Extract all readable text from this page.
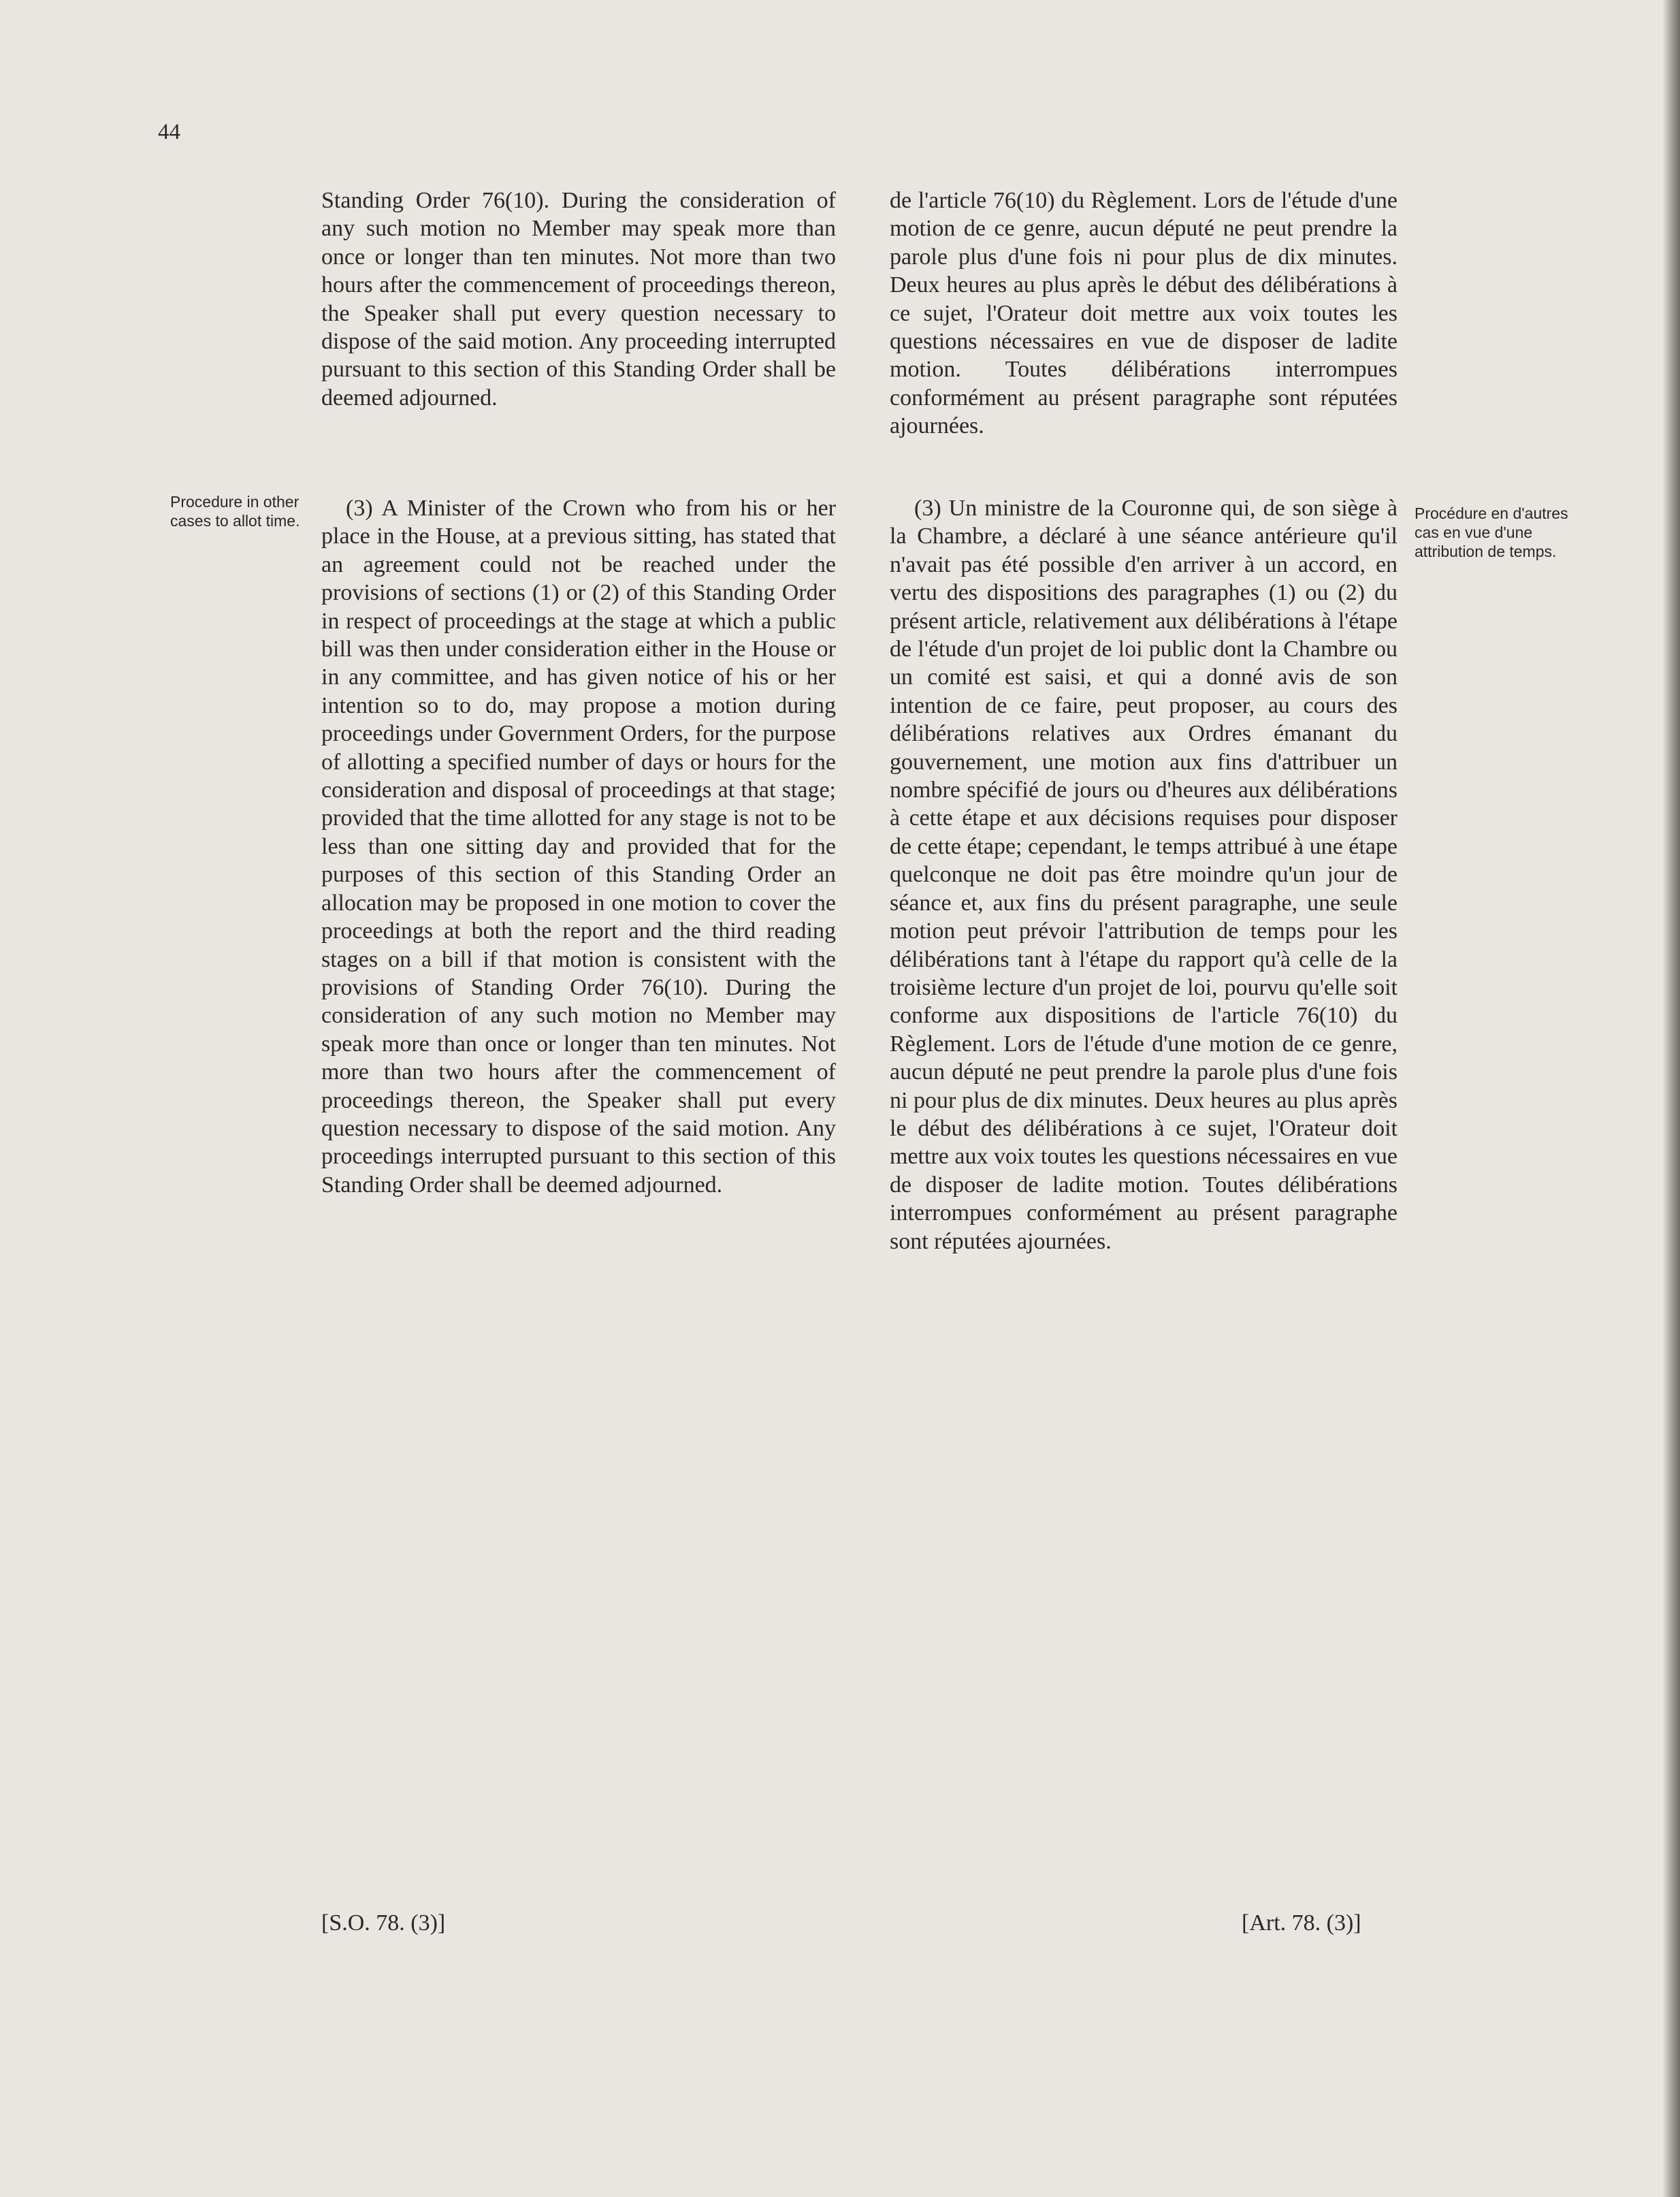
44
Procedure in other cases to allot time.

Standing Order 76(10). During the consideration of any such motion no Member may speak more than once or longer than ten minutes. Not more than two hours after the commencement of proceedings thereon, the Speaker shall put every question necessary to dispose of the said motion. Any proceeding interrupted pursuant to this section of this Standing Order shall be deemed adjourned.

(3) A Minister of the Crown who from his or her place in the House, at a previous sitting, has stated that an agreement could not be reached under the provisions of sections (1) or (2) of this Standing Order in respect of proceedings at the stage at which a public bill was then under consideration either in the House or in any committee, and has given notice of his or her intention so to do, may propose a motion during proceedings under Government Orders, for the purpose of allotting a specified number of days or hours for the consideration and disposal of proceedings at that stage; provided that the time allotted for any stage is not to be less than one sitting day and provided that for the purposes of this section of this Standing Order an allocation may be proposed in one motion to cover the proceedings at both the report and the third reading stages on a bill if that motion is consistent with the provisions of Standing Order 76(10). During the consideration of any such motion no Member may speak more than once or longer than ten minutes. Not more than two hours after the commencement of proceedings thereon, the Speaker shall put every question necessary to dispose of the said motion. Any proceedings interrupted pursuant to this section of this Standing Order shall be deemed adjourned.

de l'article 76(10) du Règlement. Lors de l'étude d'une motion de ce genre, aucun député ne peut prendre la parole plus d'une fois ni pour plus de dix minutes. Deux heures au plus après le début des délibérations à ce sujet, l'Orateur doit mettre aux voix toutes les questions nécessaires en vue de disposer de ladite motion. Toutes délibérations interrompues conformément au présent paragraphe sont réputées ajournées.

(3) Un ministre de la Couronne qui, de son siège à la Chambre, a déclaré à une séance antérieure qu'il n'avait pas été possible d'en arriver à un accord, en vertu des dispositions des paragraphes (1) ou (2) du présent article, relativement aux délibérations à l'étape de l'étude d'un projet de loi public dont la Chambre ou un comité est saisi, et qui a donné avis de son intention de ce faire, peut proposer, au cours des délibérations relatives aux Ordres émanant du gouvernement, une motion aux fins d'attribuer un nombre spécifié de jours ou d'heures aux délibérations à cette étape et aux décisions requises pour disposer de cette étape; cependant, le temps attribué à une étape quelconque ne doit pas être moindre qu'un jour de séance et, aux fins du présent paragraphe, une seule motion peut prévoir l'attribution de temps pour les délibérations tant à l'étape du rapport qu'à celle de la troisième lecture d'un projet de loi, pourvu qu'elle soit conforme aux dispositions de l'article 76(10) du Règlement. Lors de l'étude d'une motion de ce genre, aucun député ne peut prendre la parole plus d'une fois ni pour plus de dix minutes. Deux heures au plus après le début des délibérations à ce sujet, l'Orateur doit mettre aux voix toutes les questions nécessaires en vue de disposer de ladite motion. Toutes délibérations interrompues conformément au présent paragraphe sont réputées ajournées.

Procédure en d'autres cas en vue d'une attribution de temps.
[S.O. 78. (3)]	[Art. 78. (3)]
